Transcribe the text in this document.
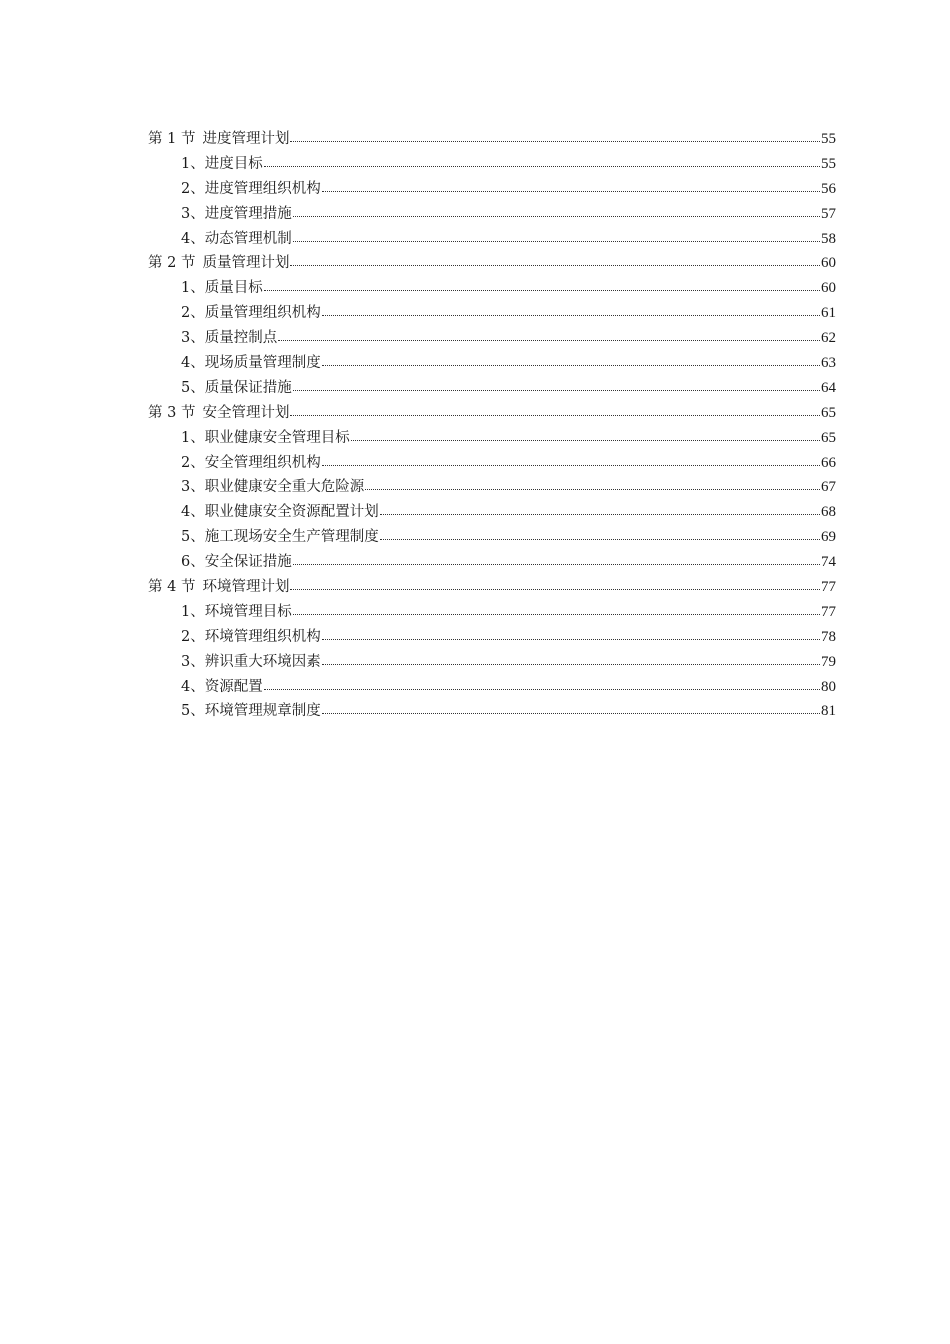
第 1 节 进度管理计划	55
1、进度目标	55
2、进度管理组织机构	56
3、进度管理措施	57
4、动态管理机制	58
第 2 节 质量管理计划	60
1、质量目标	60
2、质量管理组织机构	61
3、质量控制点	62
4、现场质量管理制度	63
5、质量保证措施	64
第 3 节 安全管理计划	65
1、职业健康安全管理目标	65
2、安全管理组织机构	66
3、职业健康安全重大危险源	67
4、职业健康安全资源配置计划	68
5、施工现场安全生产管理制度	69
6、安全保证措施	74
第 4 节 环境管理计划	77
1、环境管理目标	77
2、环境管理组织机构	78
3、辨识重大环境因素	79
4、资源配置	80
5、环境管理规章制度	81
